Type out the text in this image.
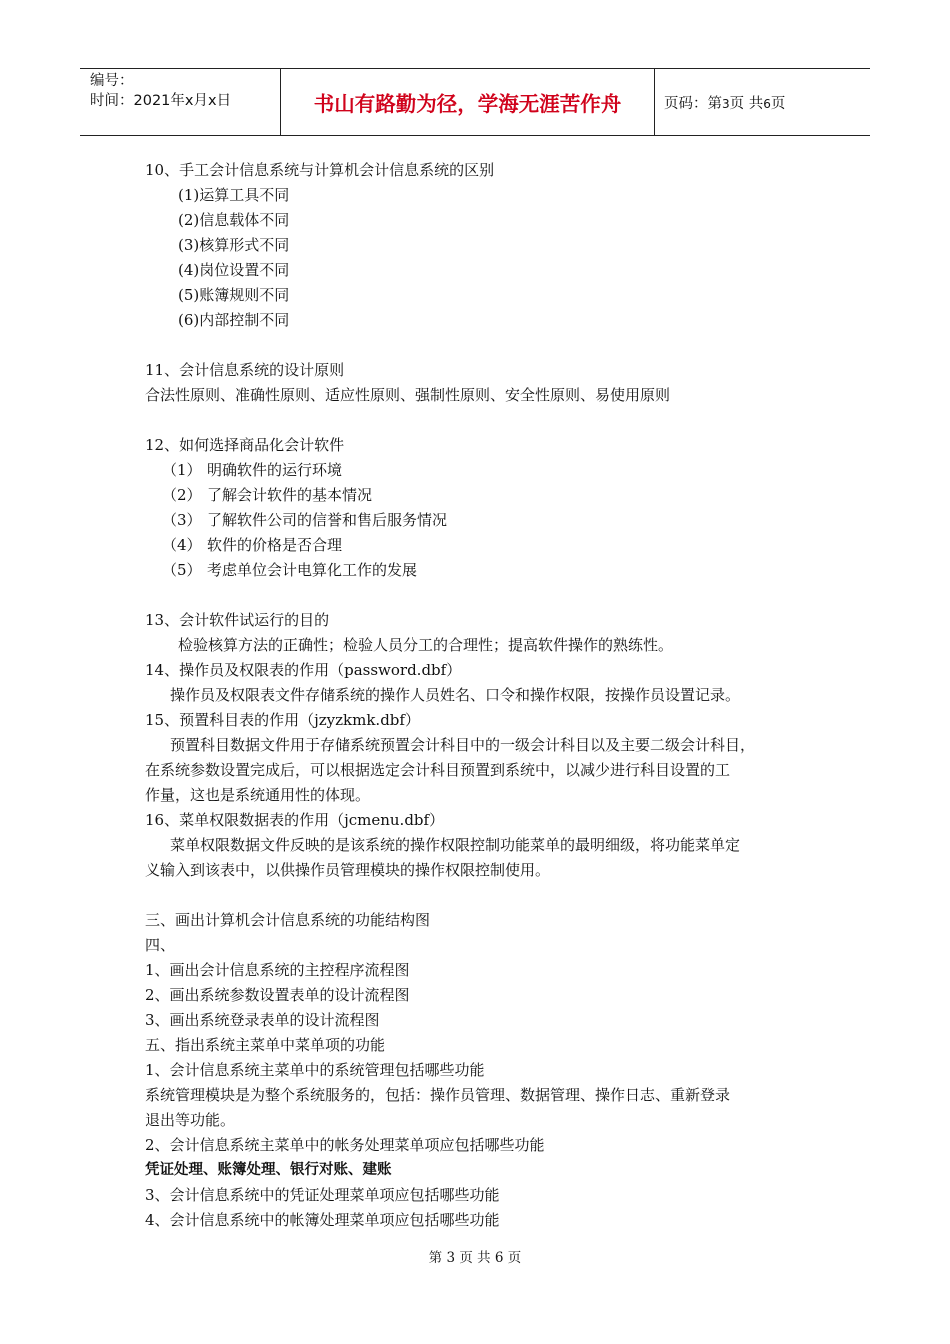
编号：
时间：2021年x月x日	书山有路勤为径，学海无涯苦作舟	页码：第3页 共6页
10、手工会计信息系统与计算机会计信息系统的区别
(1)运算工具不同
(2)信息载体不同
(3)核算形式不同
(4)岗位设置不同
(5)账簿规则不同
(6)内部控制不同
11、会计信息系统的设计原则
合法性原则、准确性原则、适应性原则、强制性原则、安全性原则、易使用原则
12、如何选择商品化会计软件
（1） 明确软件的运行环境
（2） 了解会计软件的基本情况
（3） 了解软件公司的信誉和售后服务情况
（4） 软件的价格是否合理
（5） 考虑单位会计电算化工作的发展
13、会计软件试运行的目的
检验核算方法的正确性；检验人员分工的合理性；提高软件操作的熟练性。
14、操作员及权限表的作用（password.dbf）
操作员及权限表文件存储系统的操作人员姓名、口令和操作权限，按操作员设置记录。
15、预置科目表的作用（jzyzkmk.dbf）
预置科目数据文件用于存储系统预置会计科目中的一级会计科目以及主要二级会计科目，
在系统参数设置完成后，可以根据选定会计科目预置到系统中，以减少进行科目设置的工
作量，这也是系统通用性的体现。
16、菜单权限数据表的作用（jcmenu.dbf）
菜单权限数据文件反映的是该系统的操作权限控制功能菜单的最明细级，将功能菜单定
义输入到该表中，以供操作员管理模块的操作权限控制使用。
三、画出计算机会计信息系统的功能结构图
四、
1、画出会计信息系统的主控程序流程图
2、画出系统参数设置表单的设计流程图
3、画出系统登录表单的设计流程图
五、指出系统主菜单中菜单项的功能
1、会计信息系统主菜单中的系统管理包括哪些功能
系统管理模块是为整个系统服务的，包括：操作员管理、数据管理、操作日志、重新登录
退出等功能。
2、会计信息系统主菜单中的帐务处理菜单项应包括哪些功能
凭证处理、账簿处理、银行对账、建账
3、会计信息系统中的凭证处理菜单项应包括哪些功能
4、会计信息系统中的帐簿处理菜单项应包括哪些功能
第 3 页 共 6 页
